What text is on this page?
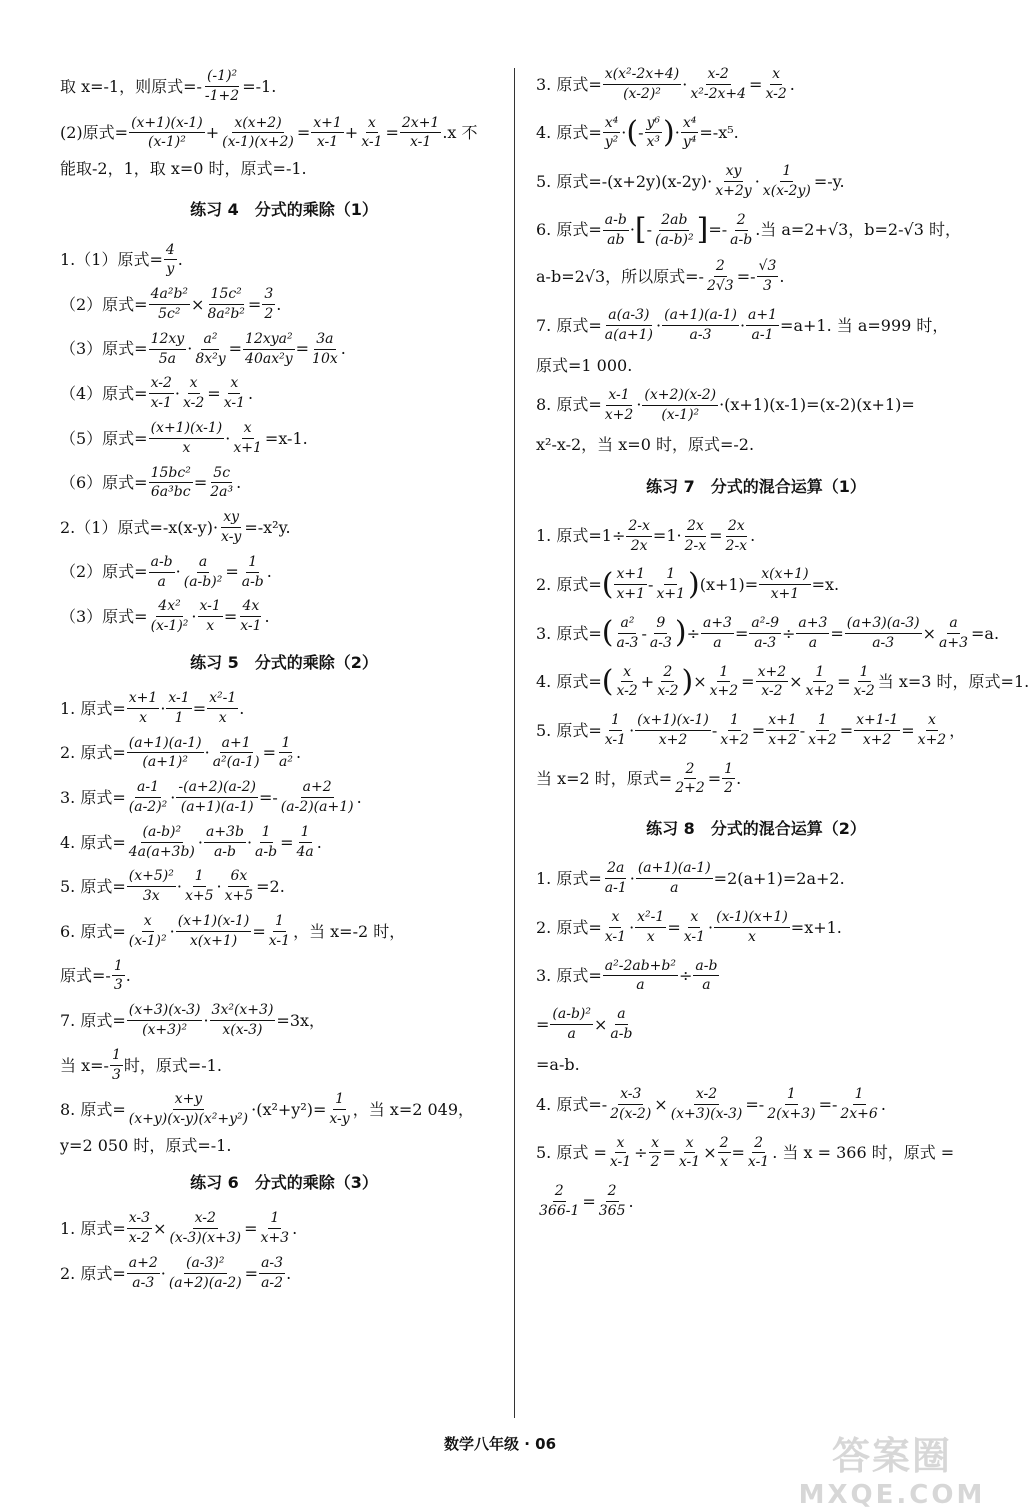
取 x=-1，则原式=- $\frac{\text{(-1)²}}{-1+2} =-1$.
(2)原式= $\frac{(x+1)(x-1)}{\text{(x-1)²}} + \frac{x(x+2)}{(x-1)(x+2)} = \frac{x+1}{x-1} + \frac{x}{x-1} = \frac{2x+1}{x-1} .x$ 不
能取-2，1，取 x=0 时，原式=-1.
练习 4　分式的乘除（1）
1.（1）原式= $\frac{4}{y}$ .
（2）原式= $\frac{\text{4a²b²}}{\text{5c²}} \times \frac{\text{15c²}}{\text{8a²b²}} = \frac{3}{2}$ .
（3）原式= $\frac{12xy}{5a} \cdot \frac{\text{a²}}{\text{8x²y}} = \frac{\text{12xya²}}{\text{40ax²y}} = \frac{3a}{10x}$ .
（4）原式= $\frac{x-2}{x-1} \cdot \frac{x}{x-2} = \frac{x}{x-1}$ .
（5）原式= $\frac{(x+1)(x-1)}{x} \cdot \frac{x}{x+1} =x-1$.
（6）原式= $\frac{\text{15bc²}}{\text{6a³bc}} = \frac{5c}{\text{2a³}}$ .
2.（1）原式$=-x(x-y)\cdot \frac{xy}{x-y} =-x^2y$.
（2）原式= $\frac{a-b}{a} \cdot \frac{a}{\text{(a-b)²}} = \frac{1}{a-b}$ .
（3）原式= $\frac{\text{4x²}}{\text{(x-1)²}} \cdot \frac{x-1}{x} = \frac{4x}{x-1}$ .
练习 5　分式的乘除（2）
1. 原式= $\frac{x+1}{x} \cdot \frac{x-1}{1} = \frac{\text{x²-1}}{x}$ .
2. 原式= $\frac{(a+1)(a-1)}{\text{(a+1)²}} \cdot \frac{a+1}{\text{a²(a-1)}} = \frac{1}{\text{a²}}$ .
3. 原式= $\frac{a-1}{\text{(a-2)²}} \cdot \frac{-(a+2)(a-2)}{(a+1)(a-1)} =- \frac{a+2}{(a-2)(a+1)}$ .
4. 原式= $\frac{\text{(a-b)²}}{4a(a+3b)} \cdot \frac{a+3b}{a-b} \cdot \frac{1}{a-b} = \frac{1}{4a}$ .
5. 原式= $\frac{\text{(x+5)²}}{3x} \cdot \frac{1}{x+5} \cdot \frac{6x}{x+5} =2$.
6. 原式= $\frac{x}{\text{(x-1)²}} \cdot \frac{(x+1)(x-1)}{x(x+1)} = \frac{1}{x-1}$ ，当 x=-2 时，
原式=- $\frac{1}{3}$ .
7. 原式= $\frac{(x+3)(x-3)}{\text{(x+3)²}} \cdot \frac{\text{3x²(x+3)}}{x(x-3)} =3x$，
当 $x=- \frac{1}{3}$ 时，原式=-1.
8. 原式= $\frac{x+y}{\text{(x+y)(x-y)(x²+y²)}} \cdot(x^2+y^2)= \frac{1}{x-y}$ ，当 x=2 049，
y=2 050 时，原式=-1.
练习 6　分式的乘除（3）
1. 原式= $\frac{x-3}{x-2} \times \frac{x-2}{(x-3)(x+3)} = \frac{1}{x+3}$ .
2. 原式= $\frac{a+2}{a-3} \cdot \frac{\text{(a-3)²}}{(a+2)(a-2)} = \frac{a-3}{a-2}$ .
3. 原式= $\frac{\text{x(x²-2x+4)}}{\text{(x-2)²}} \cdot \frac{x-2}{\text{x²-2x+4}} = \frac{x}{x-2}$ .
4. 原式= $\frac{\text{x⁴}}{\text{y²}}$ · ( - $\frac{\text{y⁶}}{\text{x³}}$ ) · $\frac{\text{x⁴}}{\text{y⁴}} =-x^5$.
5. 原式$=-(x+2y)(x-2y)\cdot \frac{xy}{x+2y} \cdot \frac{1}{x(x-2y)} =-y$.
6. 原式= $\frac{a-b}{ab}$ · [ - $\frac{2ab}{\text{(a-b)²}}$ ] =- $\frac{2}{a-b}$ .当 a=2+√3，b=2-√3 时，
a-b=2√3，所以原式=- $\frac{2}{2√3} =- \frac{√3}{3}$ .
7. 原式= $\frac{a(a-3)}{a(a+1)} \cdot \frac{(a+1)(a-1)}{a-3} \cdot \frac{a+1}{a-1} =a+1$. 当 a=999 时，
原式=1 000.
8. 原式= $\frac{x-1}{x+2} \cdot \frac{(x+2)(x-2)}{\text{(x-1)²}} \cdot(x+1)(x-1)=(x-2)(x+1)=$
x²-x-2，当 x=0 时，原式=-2.
练习 7　分式的混合运算（1）
1. 原式$=1\div \frac{2-x}{2x} =1\cdot \frac{2x}{2-x} = \frac{2x}{2-x}$ .
2. 原式= ( $\frac{x+1}{x+1} - \frac{1}{x+1}$ ) $(x+1)= \frac{x(x+1)}{x+1} =x$.
3. 原式= ( $\frac{\text{a²}}{a-3} - \frac{9}{a-3}$ ) ÷ $\frac{a+3}{a} = \frac{\text{a²-9}}{a-3} \div \frac{a+3}{a} = \frac{(a+3)(a-3)}{a-3} \times \frac{a}{a+3} =a$.
4. 原式= ( $\frac{x}{x-2} + \frac{2}{x-2}$ ) × $\frac{1}{x+2} = \frac{x+2}{x-2} \times \frac{1}{x+2} = \frac{1}{x-2}$ 当 x=3 时，原式=1.
5. 原式= $\frac{1}{x-1} \cdot \frac{(x+1)(x-1)}{x+2} - \frac{1}{x+2} = \frac{x+1}{x+2} - \frac{1}{x+2} = \frac{x+1-1}{x+2} = \frac{x}{x+2}$ ，
当 x=2 时，原式= $\frac{2}{2+2} = \frac{1}{2}$ .
练习 8　分式的混合运算（2）
1. 原式= $\frac{2a}{a-1} \cdot \frac{(a+1)(a-1)}{a} =2(a+1)=2a+2$.
2. 原式= $\frac{x}{x-1} \cdot \frac{\text{x²-1}}{x} = \frac{x}{x-1} \cdot \frac{(x-1)(x+1)}{x} =x+1$.
3. 原式= $\frac{\text{a²-2ab+b²}}{a} \div \frac{a-b}{a}$
= $\frac{\text{(a-b)²}}{a} \times \frac{a}{a-b}$
=a-b.
4. 原式=- $\frac{x-3}{2(x-2)} \times \frac{x-2}{(x+3)(x-3)} =- \frac{1}{2(x+3)} =- \frac{1}{2x+6}$ .
5. 原式 = $\frac{x}{x-1} \div \frac{x}{2} = \frac{x}{x-1} \times \frac{2}{x} = \frac{2}{x-1}$ . 当 x = 366 时，原式 =
$\frac{2}{366-1} = \frac{2}{365}$ .
数学八年级 · 06	答案圈
MXQE.COM
